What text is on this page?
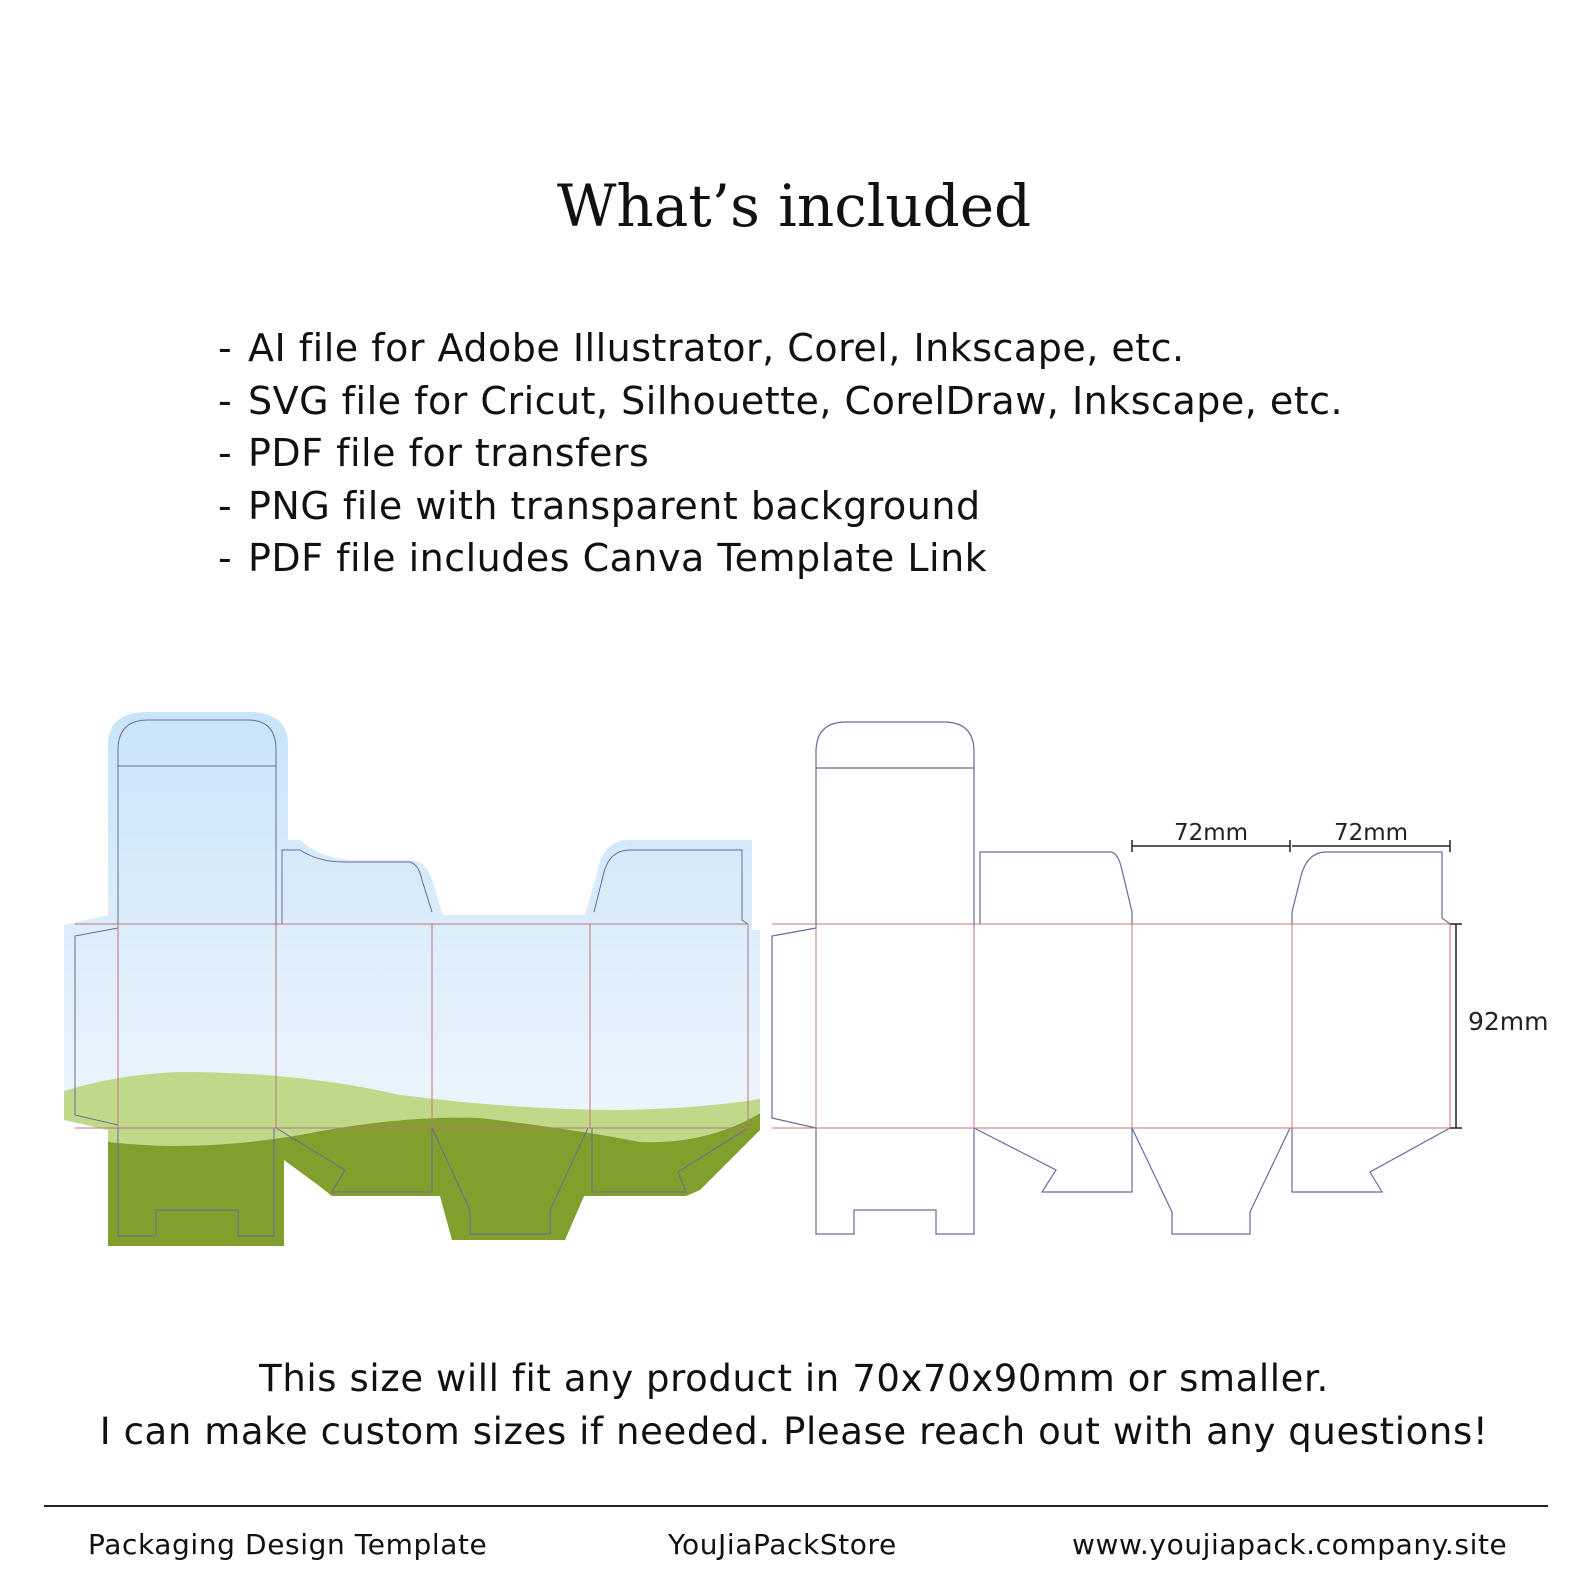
What’s included
- AI file for Adobe Illustrator, Corel, Inkscape, etc.
- SVG file for Cricut, Silhouette, CorelDraw, Inkscape, etc.
- PDF file for transfers
- PNG file with transparent background
- PDF file includes Canva Template Link
72mm	72mm
92mm
This size will fit any product in 70x70x90mm or smaller.
I can make custom sizes if needed. Please reach out with any questions!
Packaging Design Template	YouJiaPackStore	www.youjiapack.company.site
